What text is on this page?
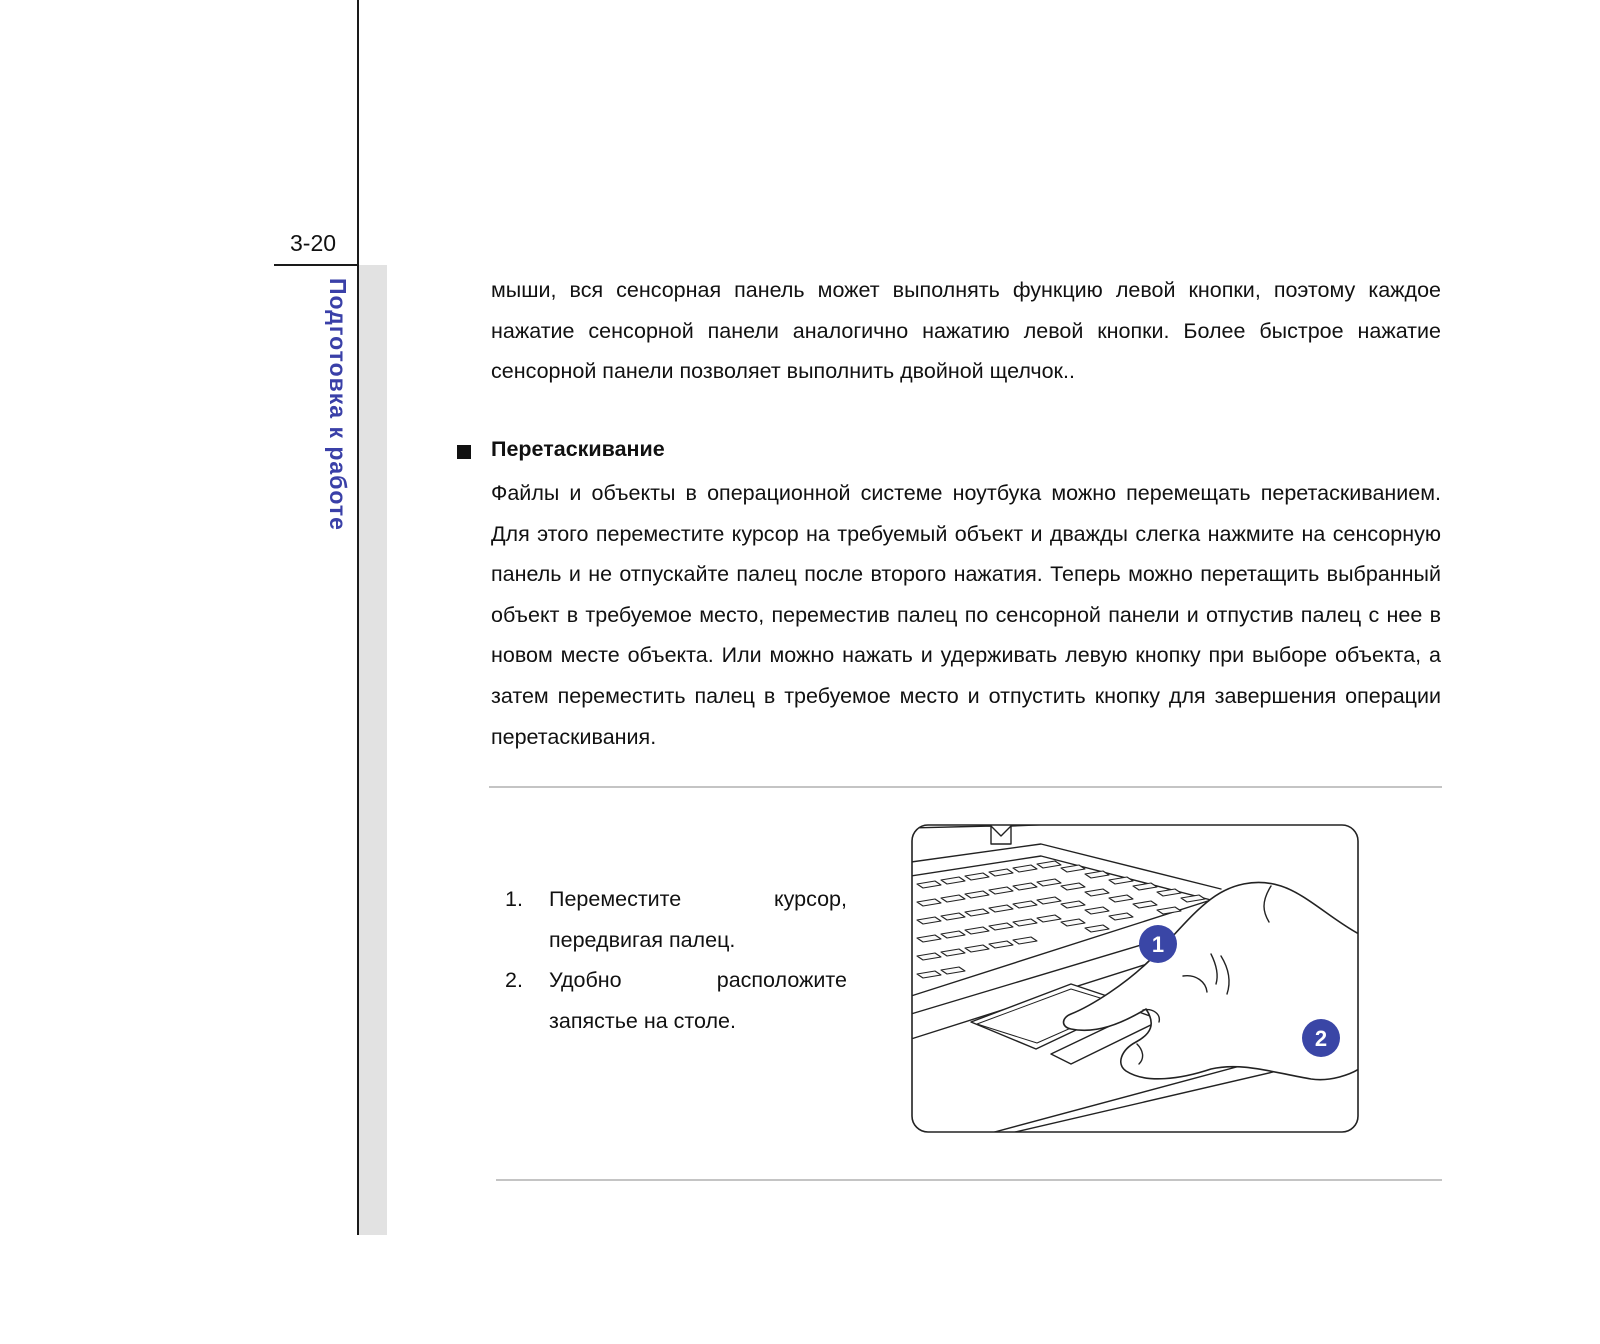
3-20
Подготовка к работе	мыши, вся сенсорная панель может выполнять функцию левой кнопки, поэтому каждое нажатие сенсорной панели аналогично нажатию левой кнопки. Более быстрое нажатие сенсорной панели позволяет выполнить двойной щелчок..

Перетаскивание

Файлы и объекты в операционной системе ноутбука можно перемещать перетаскиванием. Для этого переместите курсор на требуемый объект и дважды слегка нажмите на сенсорную панель и не отпускайте палец после второго нажатия. Теперь можно перетащить выбранный объект в требуемое место, переместив палец по сенсорной панели и отпустив палец с нее в новом месте объекта. Или можно нажать и удерживать левую кнопку при выборе объекта, а затем переместить палец в требуемое место и отпустить кнопку для завершения операции перетаскивания.

1. Переместите	курсор,
передвигая палец.
2. Удобно	расположите
запястье на столе.
1
2
